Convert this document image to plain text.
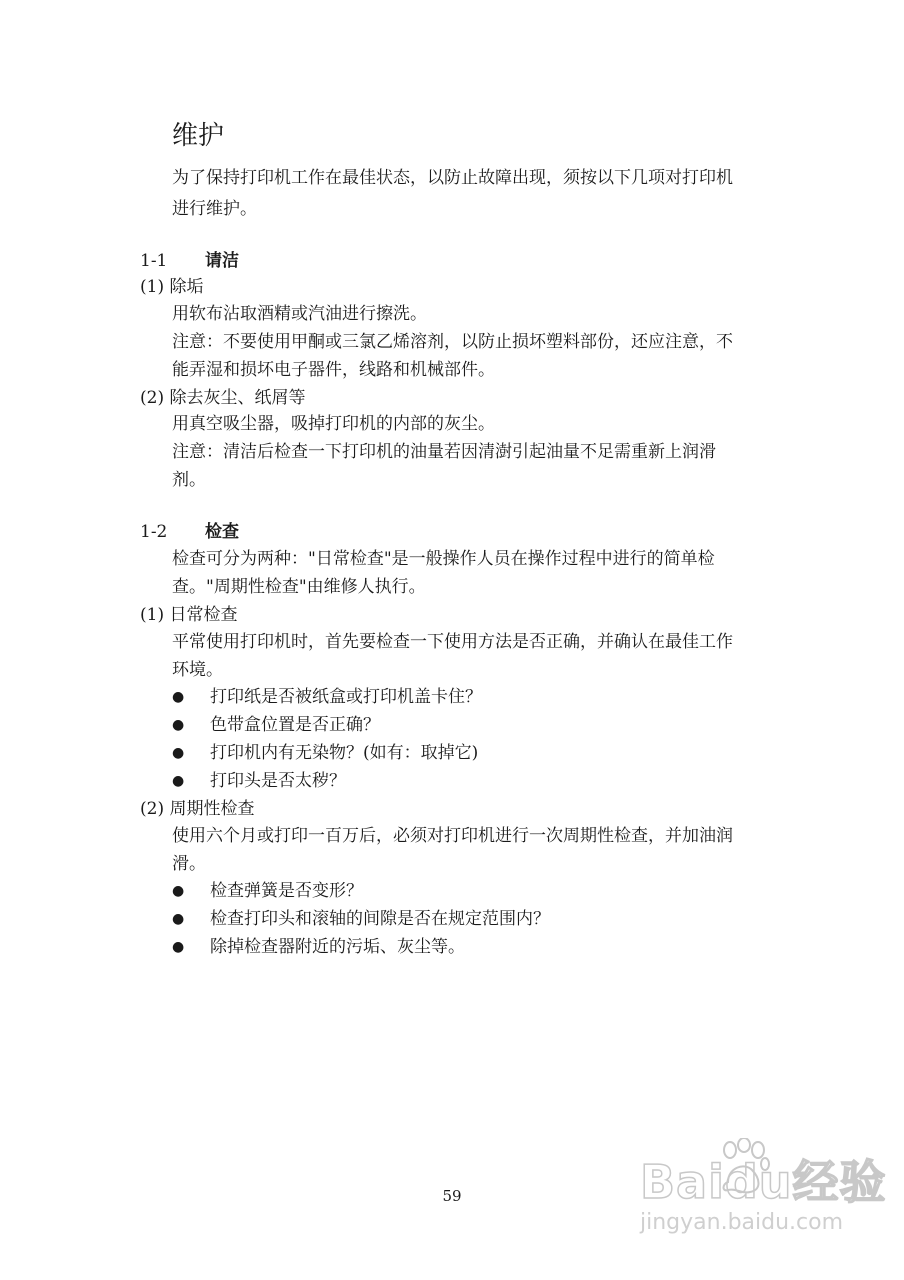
维护
为了保持打印机工作在最佳状态，以防止故障出现，须按以下几项对打印机
进行维护。
1-1 请洁
(1) 除垢
用软布沾取酒精或汽油进行擦洗。
注意：不要使用甲酮或三氯乙烯溶剂，以防止损坏塑料部份，还应注意，不
能弄湿和损坏电子器件，线路和机械部件。
(2) 除去灰尘、纸屑等
用真空吸尘器，吸掉打印机的内部的灰尘。
注意：清洁后检查一下打印机的油量若因清澍引起油量不足需重新上润滑
剂。
1-2 检查
检查可分为两种："日常检查"是一般操作人员在操作过程中进行的简单检
查。"周期性检查"由维修人执行。
(1) 日常检查
平常使用打印机时，首先要检查一下使用方法是否正确，并确认在最佳工作
环境。
● 打印纸是否被纸盒或打印机盖卡住？
● 色带盒位置是否正确？
● 打印机内有无染物？(如有：取掉它)
● 打印头是否太秽？
(2) 周期性检查
使用六个月或打印一百万后，必须对打印机进行一次周期性检查，并加油润
滑。
● 检查弹簧是否变形？
● 检查打印头和滚轴的间隙是否在规定范围内？
● 除掉检查器附近的污垢、灰尘等。
59	Baidu经验
jingyan.baidu.com
